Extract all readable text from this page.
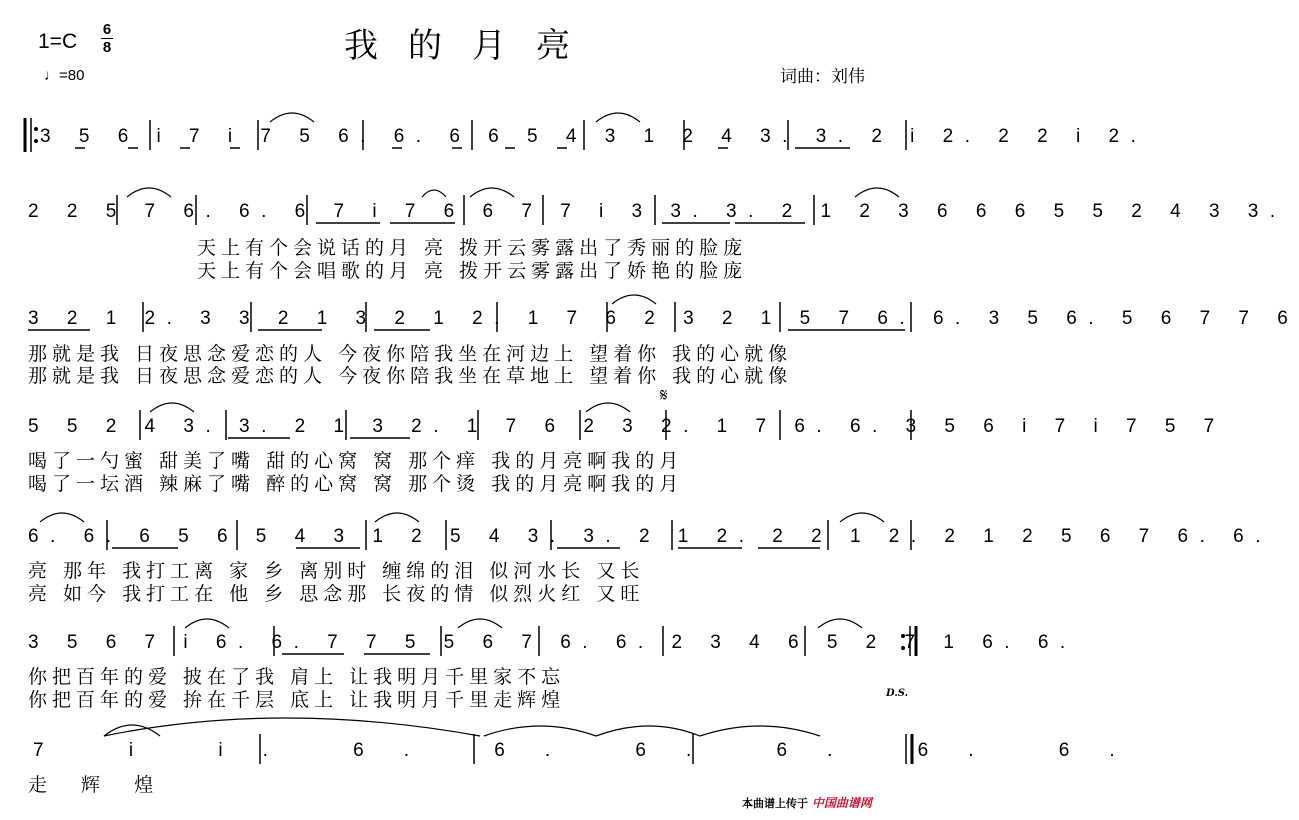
我的月亮
1=C
6
8
♩=80	词曲：刘伟
3 5 6 i 7 i 7 5 6. 6. 6 6 5 4 3 1 2 4 3. 3. 2 i 2. 2 2 i 2.
2 2 5 7 6. 6. 6 7 i 7 6 6 7 7 i 3 3. 3. 2 1 2 3 6 6 6 5 5 2 4 3 3.
天上有个会说话的月 亮 拨开云雾露出了秀丽的脸庞
天上有个会唱歌的月 亮 拨开云雾露出了娇艳的脸庞
3 2 1 2. 3 3 2 1 3 2 1 2. 1 7 6 2 3 2 1 5 7 6. 6. 3 5 6. 5 6 7 7 6
那就是我 日夜思念爱恋的人 今夜你陪我坐在河边上 望着你 我的心就像
那就是我 日夜思念爱恋的人 今夜你陪我坐在草地上 望着你 我的心就像
𝄋
5 5 2 4 3. 3. 2 1 3 2. 1 7 6 2 3 2. 1 7 6. 6. 3 5 6 i 7 i 7 5 7
喝了一勺蜜 甜美了嘴 甜的心窝 窝 那个痒 我的月亮啊我的月
喝了一坛酒 辣麻了嘴 醉的心窝 窝 那个烫 我的月亮啊我的月
6. 6. 6 5 6 5 4 3 1 2 5 4 3. 3. 2 1 2. 2 2 1 2. 2 1 2 5 6 7 6. 6.
亮 那年 我打工离 家 乡 离别时 缠绵的泪 似河水长 又长
亮 如今 我打工在 他 乡 思念那 长夜的情 似烈火红 又旺
3 5 6 7 i 6. 6. 7 7 5 5 6 7 6. 6. 2 3 4 6 5 2 7 1 6. 6.
你把百年的爱 披在了我 肩上 让我明月千里家不忘
你把百年的爱 拚在千层 底上 让我明月千里走辉煌	D.S.
7 i i. 6. 6. 6. 6. 6. 6.
走 辉 煌
本曲谱上传于 中国曲谱网
